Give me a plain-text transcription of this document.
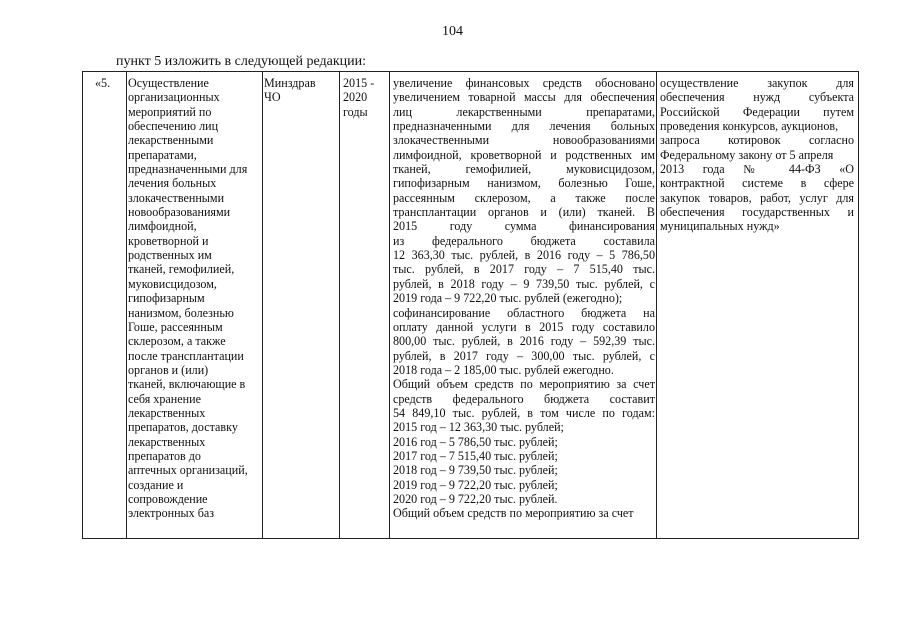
104
пункт 5 изложить в следующей редакции:
«5.	Осуществление
организационных
мероприятий по
обеспечению лиц
лекарственными
препаратами,
предназначенными для
лечения больных
злокачественными
новообразованиями
лимфоидной,
кроветворной и
родственных им
тканей, гемофилией,
муковисцидозом,
гипофизарным
нанизмом, болезнью
Гоше, рассеянным
склерозом, а также
после трансплантации
органов и (или)
тканей, включающие в
себя хранение
лекарственных
препаратов, доставку
лекарственных
препаратов до
аптечных организаций,
создание и
сопровождение
электронных баз
Минздрав
ЧО
2015 -
2020
годы
увеличение финансовых средств обосновано
увеличением товарной массы для обеспечения
лиц лекарственными препаратами,
предназначенными для лечения больных
злокачественными новообразованиями
лимфоидной, кроветворной и родственных им
тканей, гемофилией, муковисцидозом,
гипофизарным нанизмом, болезнью Гоше,
рассеянным склерозом, а также после
трансплантации органов и (или) тканей. В
2015 году сумма финансирования
из федерального бюджета составила
12 363,30 тыс. рублей, в 2016 году – 5 786,50
тыс. рублей, в 2017 году – 7 515,40 тыс.
рублей, в 2018 году – 9 739,50 тыс. рублей, с
2019 года – 9 722,20 тыс. рублей (ежегодно);
софинансирование областного бюджета на
оплату данной услуги в 2015 году составило
800,00 тыс. рублей, в 2016 году – 592,39 тыс.
рублей, в 2017 году – 300,00 тыс. рублей, с
2018 года – 2 185,00 тыс. рублей ежегодно.
Общий объем средств по мероприятию за счет
средств федерального бюджета составит
54 849,10 тыс. рублей, в том числе по годам:
2015 год – 12 363,30 тыс. рублей;
2016 год – 5 786,50 тыс. рублей;
2017 год – 7 515,40 тыс. рублей;
2018 год – 9 739,50 тыс. рублей;
2019 год – 9 722,20 тыс. рублей;
2020 год – 9 722,20 тыс. рублей.
Общий объем средств по мероприятию за счет
осуществление закупок для
обеспечения нужд субъекта
Российской Федерации путем
проведения конкурсов, аукционов,
запроса котировок согласно
Федеральному закону от 5 апреля
2013 года № 44-ФЗ «О
контрактной системе в сфере
закупок товаров, работ, услуг для
обеспечения государственных и
муниципальных нужд»
